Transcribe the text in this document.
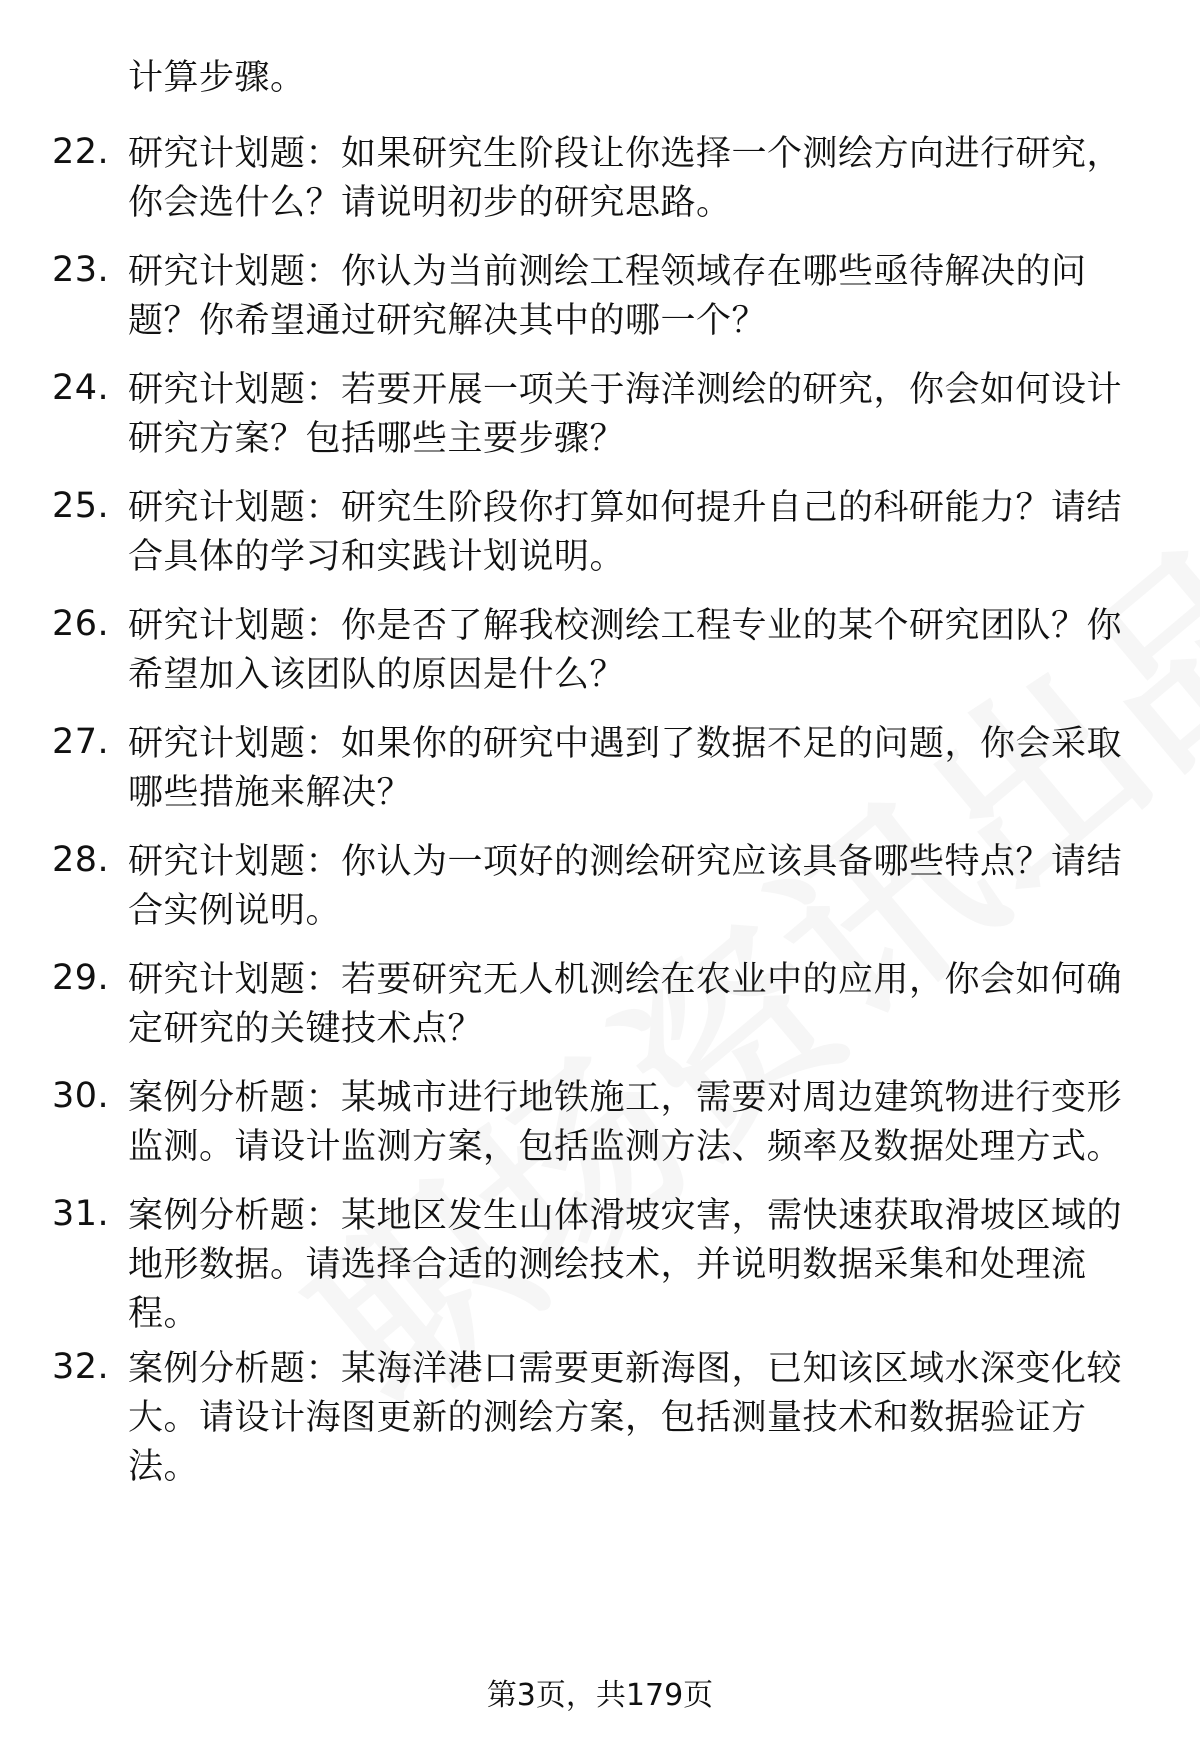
计算步骤。
22. 研究计划题：如果研究生阶段让你选择一个测绘方向进行研究，
你会选什么？请说明初步的研究思路。
23. 研究计划题：你认为当前测绘工程领域存在哪些亟待解决的问
题？你希望通过研究解决其中的哪一个？
24. 研究计划题：若要开展一项关于海洋测绘的研究，你会如何设计
研究方案？包括哪些主要步骤？
25. 研究计划题：研究生阶段你打算如何提升自己的科研能力？请结
合具体的学习和实践计划说明。
26. 研究计划题：你是否了解我校测绘工程专业的某个研究团队？你
希望加入该团队的原因是什么？
27. 研究计划题：如果你的研究中遇到了数据不足的问题，你会采取
哪些措施来解决？
28. 研究计划题：你认为一项好的测绘研究应该具备哪些特点？请结
合实例说明。
29. 研究计划题：若要研究无人机测绘在农业中的应用，你会如何确
定研究的关键技术点？
30. 案例分析题：某城市进行地铁施工，需要对周边建筑物进行变形
监测。请设计监测方案，包括监测方法、频率及数据处理方式。
31. 案例分析题：某地区发生山体滑坡灾害，需快速获取滑坡区域的
地形数据。请选择合适的测绘技术，并说明数据采集和处理流
程。
32. 案例分析题：某海洋港口需要更新海图，已知该区域水深变化较
大。请设计海图更新的测绘方案，包括测量技术和数据验证方
法。
第3页，共179页
